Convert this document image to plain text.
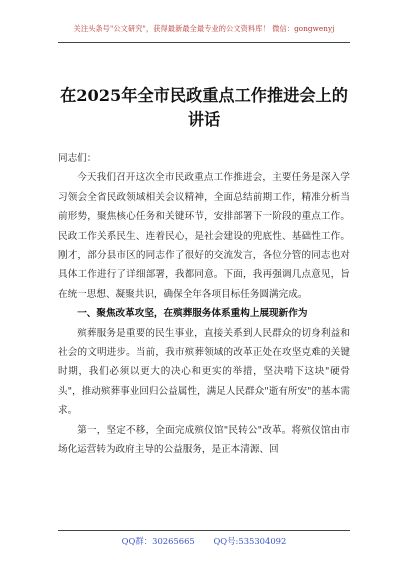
关注头条号"公文研究"，获得最新最全最专业的公文资料库！ 微信：gongwenyj
在2025年全市民政重点工作推进会上的讲话

同志们：

今天我们召开这次全市民政重点工作推进会，主要任务是深入学习领会全省民政领域相关会议精神，全面总结前期工作，精准分析当前形势，聚焦核心任务和关键环节，安排部署下一阶段的重点工作。民政工作关系民生、连着民心，是社会建设的兜底性、基础性工作。刚才，部分县市区的同志作了很好的交流发言，各位分管的同志也对具体工作进行了详细部署，我都同意。下面，我再强调几点意见，旨在统一思想、凝聚共识，确保全年各项目标任务圆满完成。

一、聚焦改革攻坚，在殡葬服务体系重构上展现新作为

殡葬服务是重要的民生事业，直接关系到人民群众的切身利益和社会的文明进步。当前，我市殡葬领域的改革正处在攻坚克难的关键时期，我们必须以更大的决心和更实的举措，坚决啃下这块"硬骨头"，推动殡葬事业回归公益属性，满足人民群众"逝有所安"的基本需求。

第一，坚定不移，全面完成殡仪馆"民转公"改革。将殡仪馆由市场化运营转为政府主导的公益服务，是正本清源、回

QQ群：30265665 QQ号:535304092
